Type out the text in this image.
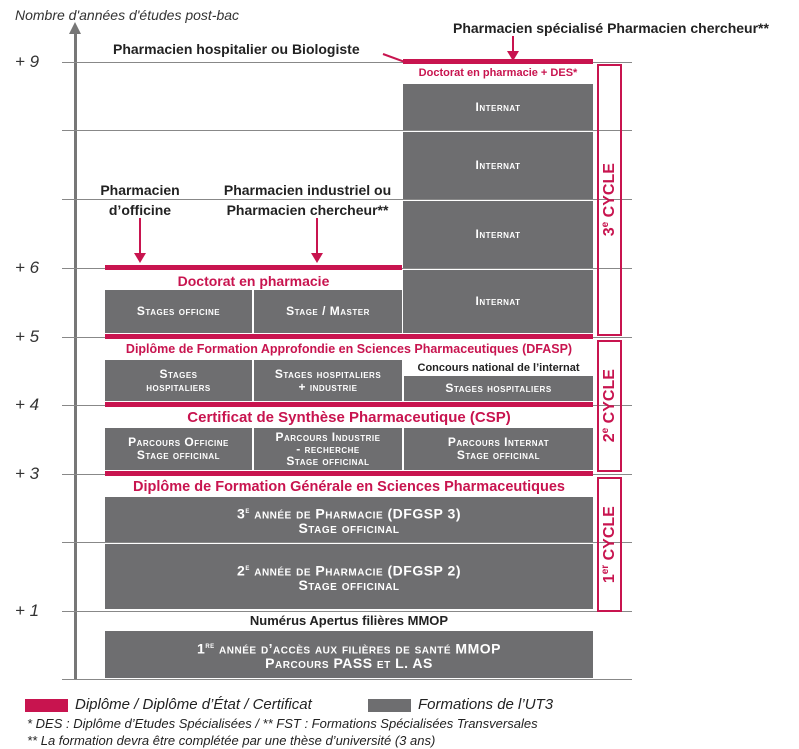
Nombre d'années d'études post-bac
+ 9
+ 6
+ 5
+ 4
+ 3
+ 1
Pharmacien spécialisé Pharmacien chercheur**
Pharmacien hospitalier ou Biologiste
Pharmacien
d’officine
Pharmacien industriel ou
Pharmacien chercheur**
Doctorat en pharmacie + DES*
Internat
Internat
Internat
Internat
Doctorat en pharmacie
Stages officine	Stage / Master
Diplôme de Formation Approfondie en Sciences Pharmaceutiques (DFASP)
Stages
hospitaliers
Stages hospitaliers
+ industrie
Concours national de l’internat
Stages hospitaliers
Certificat de Synthèse Pharmaceutique (CSP)
Parcours Officine
Stage officinal
Parcours Industrie
- recherche
Stage officinal
Parcours Internat
Stage officinal
Diplôme de Formation Générale en Sciences Pharmaceutiques
3e année de Pharmacie (DFGSP 3)
Stage officinal
2e année de Pharmacie (DFGSP 2)
Stage officinal
Numérus Apertus filières MMOP
1re année d’accès aux filières de santé MMOP
Parcours PASS et L. AS
3e CYCLE
2e CYCLE
1er CYCLE
Diplôme / Diplôme d’État / Certificat	Formations de l’UT3
* DES : Diplôme d’Etudes Spécialisées / ** FST : Formations Spécialisées Transversales
** La formation devra être complétée par une thèse d’université (3 ans)
